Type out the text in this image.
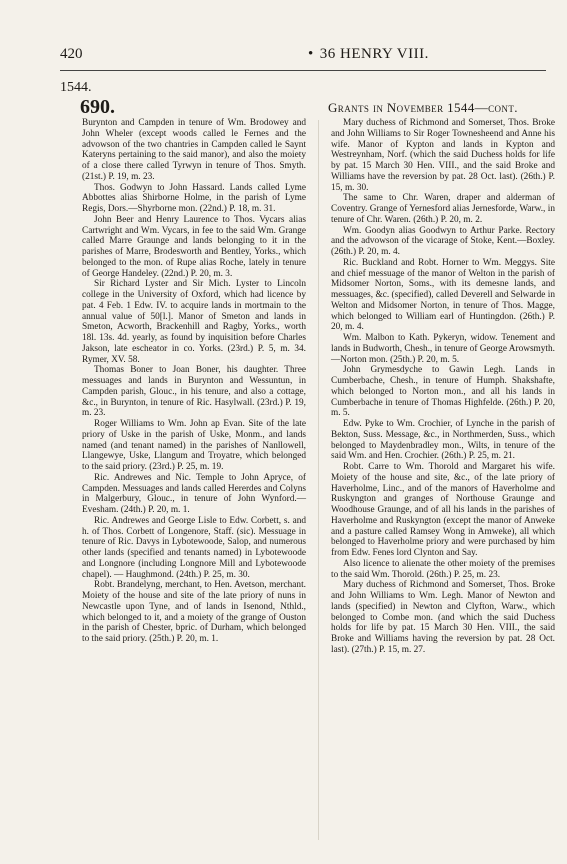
420	• 36 HENRY VIII.
1544.
690.	Grants in November 1544—cont.

Burynton and Campden in tenure of Wm. Brodowey and John Wheler (except woods called le Fernes and the advowson of the two chantries in Campden called le Saynt Kateryns pertaining to the said manor), and also the moiety of a close there called Tyrwyn in tenure of Thos. Smyth. (21st.) P. 19, m. 23.

Thos. Godwyn to John Hassard. Lands called Lyme Abbottes alias Shirborne Holme, in the parish of Lyme Regis, Dors.—Shyrborne mon. (22nd.) P. 18, m. 31.

John Beer and Henry Laurence to Thos. Vycars alias Cartwright and Wm. Vycars, in fee to the said Wm. Grange called Marre Graunge and lands belonging to it in the parishes of Marre, Brodesworth and Bentley, Yorks., which belonged to the mon. of Rupe alias Roche, lately in tenure of George Handeley. (22nd.) P. 20, m. 3.

Sir Richard Lyster and Sir Mich. Lyster to Lincoln college in the University of Oxford, which had licence by pat. 4 Feb. 1 Edw. IV. to acquire lands in mortmain to the annual value of 50[l.]. Manor of Smeton and lands in Smeton, Acworth, Brackenhill and Ragby, Yorks., worth 18l. 13s. 4d. yearly, as found by inquisition before Charles Jakson, late escheator in co. Yorks. (23rd.) P. 5, m. 34. Rymer, XV. 58.

Thomas Boner to Joan Boner, his daughter. Three messuages and lands in Burynton and Wessuntun, in Campden parish, Glouc., in his tenure, and also a cottage, &c., in Burynton, in tenure of Ric. Hasylwall. (23rd.) P. 19, m. 23.

Roger Williams to Wm. John ap Evan. Site of the late priory of Uske in the parish of Uske, Monm., and lands named (and tenant named) in the parishes of Nanllowell, Llangewye, Uske, Llangum and Troyatre, which belonged to the said priory. (23rd.) P. 25, m. 19.

Ric. Andrewes and Nic. Temple to John Apryce, of Campden. Messuages and lands called Hererdes and Colyns in Malgerbury, Glouc., in tenure of John Wynford.—Evesham. (24th.) P. 20, m. 1.

Ric. Andrewes and George Lisle to Edw. Corbett, s. and h. of Thos. Corbett of Longenore, Staff. (sic). Messuage in tenure of Ric. Davys in Lybotewoode, Salop, and numerous other lands (specified and tenants named) in Lybotewoode and Longnore (including Longnore Mill and Lybotewoode chapel). — Haughmond. (24th.) P. 25, m. 30.

Robt. Brandelyng, merchant, to Hen. Avetson, merchant. Moiety of the house and site of the late priory of nuns in Newcastle upon Tyne, and of lands in Isenond, Nthld., which belonged to it, and a moiety of the grange of Ouston in the parish of Chester, bpric. of Durham, which belonged to the said priory. (25th.) P. 20, m. 1.

Mary duchess of Richmond and Somerset, Thos. Broke and John Williams to Sir Roger Townesheend and Anne his wife. Manor of Kypton and lands in Kypton and Westreynham, Norf. (which the said Duchess holds for life by pat. 15 March 30 Hen. VIII., and the said Broke and Williams have the reversion by pat. 28 Oct. last). (26th.) P. 15, m. 30.

The same to Chr. Waren, draper and alderman of Coventry. Grange of Yernesford alias Jernesforde, Warw., in tenure of Chr. Waren. (26th.) P. 20, m. 2.

Wm. Goodyn alias Goodwyn to Arthur Parke. Rectory and the advowson of the vicarage of Stoke, Kent.—Boxley. (26th.) P. 20, m. 4.

Ric. Buckland and Robt. Horner to Wm. Meggys. Site and chief messuage of the manor of Welton in the parish of Midsomer Norton, Soms., with its demesne lands, and messuages, &c. (specified), called Deverell and Selwarde in Welton and Midsomer Norton, in tenure of Thos. Magge, which belonged to William earl of Huntingdon. (26th.) P. 20, m. 4.

Wm. Malbon to Kath. Pykeryn, widow. Tenement and lands in Budworth, Chesh., in tenure of George Arowsmyth.—Norton mon. (25th.) P. 20, m. 5.

John Grymesdyche to Gawin Legh. Lands in Cumberbache, Chesh., in tenure of Humph. Shakshafte, which belonged to Norton mon., and all his lands in Cumberbache in tenure of Thomas Highfelde. (26th.) P. 20, m. 5.

Edw. Pyke to Wm. Crochier, of Lynche in the parish of Bekton, Suss. Message, &c., in Northmerden, Suss., which belonged to Maydenbradley mon., Wilts, in tenure of the said Wm. and Hen. Crochier. (26th.) P. 25, m. 21.

Robt. Carre to Wm. Thorold and Margaret his wife. Moiety of the house and site, &c., of the late priory of Haverholme, Linc., and of the manors of Haverholme and Ruskyngton and granges of Northouse Graunge and Woodhouse Graunge, and of all his lands in the parishes of Haverholme and Ruskyngton (except the manor of Anweke and a pasture called Ramsey Wong in Amweke), all which belonged to Haverholme priory and were purchased by him from Edw. Fenes lord Clynton and Say.

Also licence to alienate the other moiety of the premises to the said Wm. Thorold. (26th.) P. 25, m. 23.

Mary duchess of Richmond and Somerset, Thos. Broke and John Williams to Wm. Legh. Manor of Newton and lands (specified) in Newton and Clyfton, Warw., which belonged to Combe mon. (and which the said Duchess holds for life by pat. 15 March 30 Hen. VIII., the said Broke and Williams having the reversion by pat. 28 Oct. last). (27th.) P. 15, m. 27.
